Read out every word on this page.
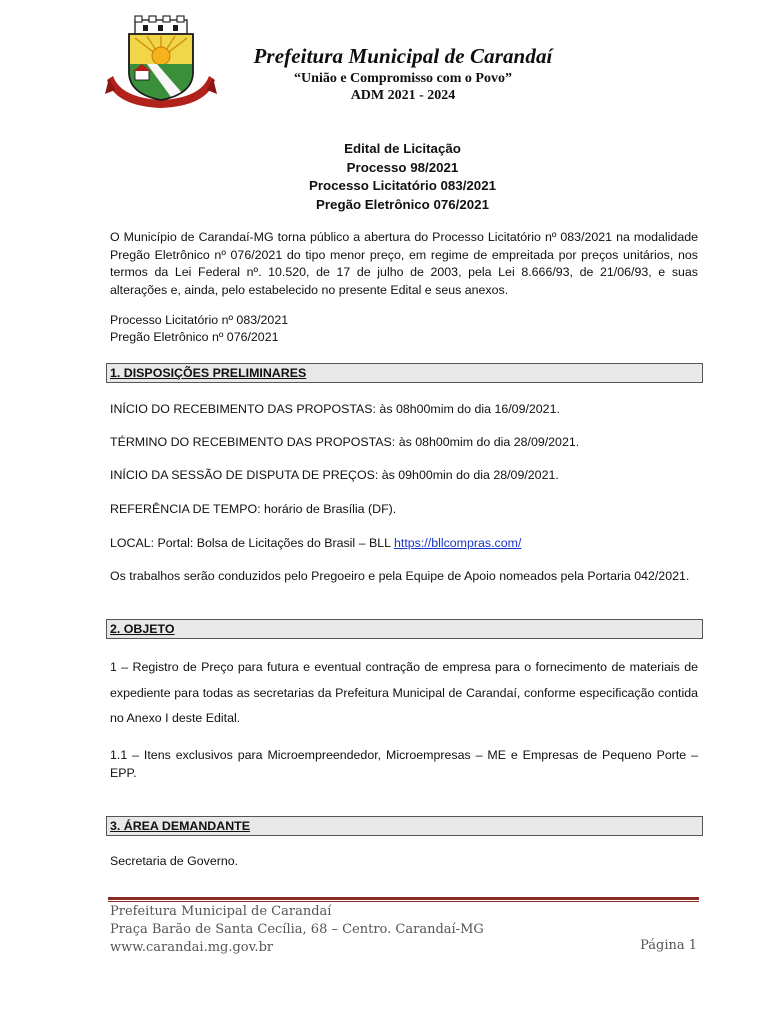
Prefeitura Municipal de Carandaí
“União e Compromisso com o Povo”
ADM 2021 - 2024
Edital de Licitação
Processo 98/2021
Processo Licitatório 083/2021
Pregão Eletrônico 076/2021
O Município de Carandaí-MG torna público a abertura do Processo Licitatório nº 083/2021 na modalidade Pregão Eletrônico nº 076/2021 do tipo menor preço, em regime de empreitada por preços unitários, nos termos da Lei Federal nº. 10.520, de 17 de julho de 2003, pela Lei 8.666/93, de 21/06/93, e suas alterações e, ainda, pelo estabelecido no presente Edital e seus anexos.
Processo Licitatório nº 083/2021
Pregão Eletrônico nº 076/2021
1. DISPOSIÇÕES PRELIMINARES
INÍCIO DO RECEBIMENTO DAS PROPOSTAS: às 08h00mim do dia 16/09/2021.
TÉRMINO DO RECEBIMENTO DAS PROPOSTAS: às 08h00mim do dia 28/09/2021.
INÍCIO DA SESSÃO DE DISPUTA DE PREÇOS: às 09h00min do dia 28/09/2021.
REFERÊNCIA DE TEMPO: horário de Brasília (DF).
LOCAL: Portal: Bolsa de Licitações do Brasil – BLL https://bllcompras.com/
Os trabalhos serão conduzidos pelo Pregoeiro e pela Equipe de Apoio nomeados pela Portaria 042/2021.
2. OBJETO
1 – Registro de Preço para futura e eventual contração de empresa para o fornecimento de materiais de expediente para todas as secretarias da Prefeitura Municipal de Carandaí, conforme especificação contida no Anexo I deste Edital.
1.1 – Itens exclusivos para Microempreendedor, Microempresas – ME e Empresas de Pequeno Porte – EPP.
3. ÁREA DEMANDANTE
Secretaria de Governo.
Prefeitura Municipal de Carandaí
Praça Barão de Santa Cecília, 68 – Centro. Carandaí-MG
www.carandai.mg.gov.br	Página 1
